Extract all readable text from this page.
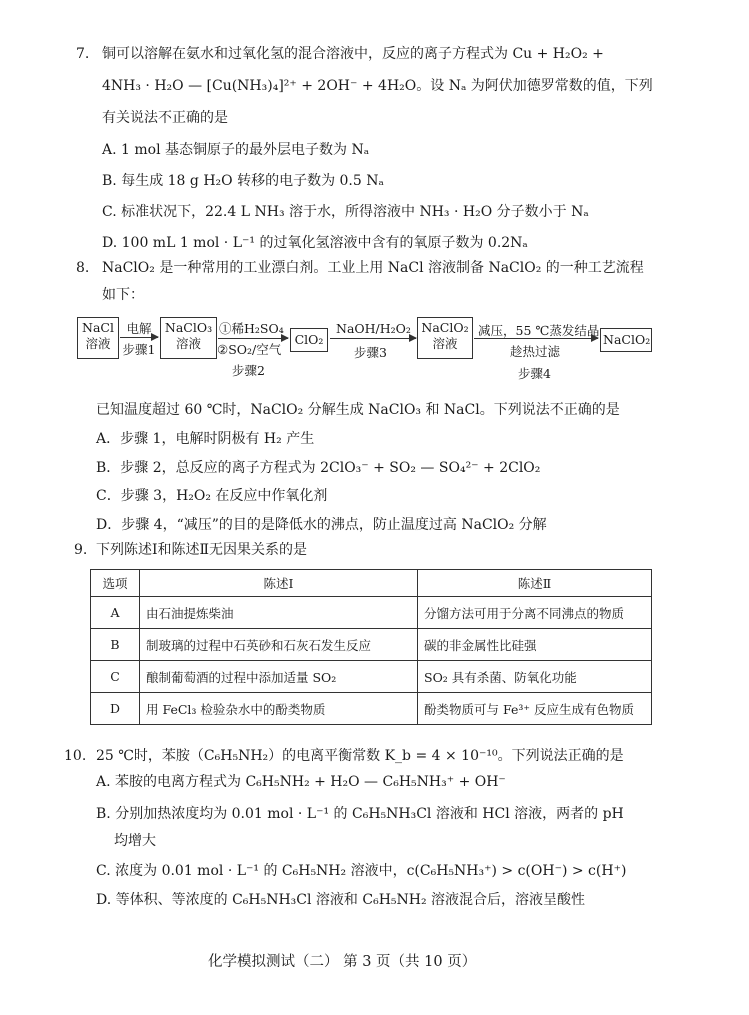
7. 铜可以溶解在氨水和过氧化氢的混合溶液中，反应的离子方程式为 Cu + H₂O₂ +
4NH₃ · H₂O — [Cu(NH₃)₄]²⁺ + 2OH⁻ + 4H₂O。设 Nₐ 为阿伏加德罗常数的值，下列
有关说法不正确的是
A. 1 mol 基态铜原子的最外层电子数为 Nₐ
B. 每生成 18 g H₂O 转移的电子数为 0.5 Nₐ
C. 标准状况下，22.4 L NH₃ 溶于水，所得溶液中 NH₃ · H₂O 分子数小于 Nₐ
D. 100 mL 1 mol · L⁻¹ 的过氧化氢溶液中含有的氧原子数为 0.2Nₐ
8. NaClO₂ 是一种常用的工业漂白剂。工业上用 NaCl 溶液制备 NaClO₂ 的一种工艺流程
如下：
NaCl
溶液
电解
步骤1
NaClO₃
溶液
①稀H₂SO₄
②SO₂/空气
步骤2
ClO₂
NaOH/H₂O₂
步骤3
NaClO₂
溶液
减压，55 ℃蒸发结晶
趁热过滤
步骤4
NaClO₂
已知温度超过 60 ℃时，NaClO₂ 分解生成 NaClO₃ 和 NaCl。下列说法不正确的是
A．步骤 1，电解时阴极有 H₂ 产生
B．步骤 2，总反应的离子方程式为 2ClO₃⁻ + SO₂ — SO₄²⁻ + 2ClO₂
C．步骤 3，H₂O₂ 在反应中作氧化剂
D．步骤 4，“减压”的目的是降低水的沸点，防止温度过高 NaClO₂ 分解
9. 下列陈述Ⅰ和陈述Ⅱ无因果关系的是
选项	陈述Ⅰ	陈述Ⅱ
A	由石油提炼柴油	分馏方法可用于分离不同沸点的物质
B	制玻璃的过程中石英砂和石灰石发生反应	碳的非金属性比硅强
C	酿制葡萄酒的过程中添加适量 SO₂	SO₂ 具有杀菌、防氧化功能
D	用 FeCl₃ 检验杂水中的酚类物质	酚类物质可与 Fe³⁺ 反应生成有色物质
10. 25 ℃时，苯胺（C₆H₅NH₂）的电离平衡常数 K_b = 4 × 10⁻¹⁰。下列说法正确的是
A. 苯胺的电离方程式为 C₆H₅NH₂ + H₂O — C₆H₅NH₃⁺ + OH⁻
B. 分别加热浓度均为 0.01 mol · L⁻¹ 的 C₆H₅NH₃Cl 溶液和 HCl 溶液，两者的 pH
均增大
C. 浓度为 0.01 mol · L⁻¹ 的 C₆H₅NH₂ 溶液中，c(C₆H₅NH₃⁺) > c(OH⁻) > c(H⁺)
D. 等体积、等浓度的 C₆H₅NH₃Cl 溶液和 C₆H₅NH₂ 溶液混合后，溶液呈酸性
化学模拟测试（二） 第 3 页（共 10 页）
